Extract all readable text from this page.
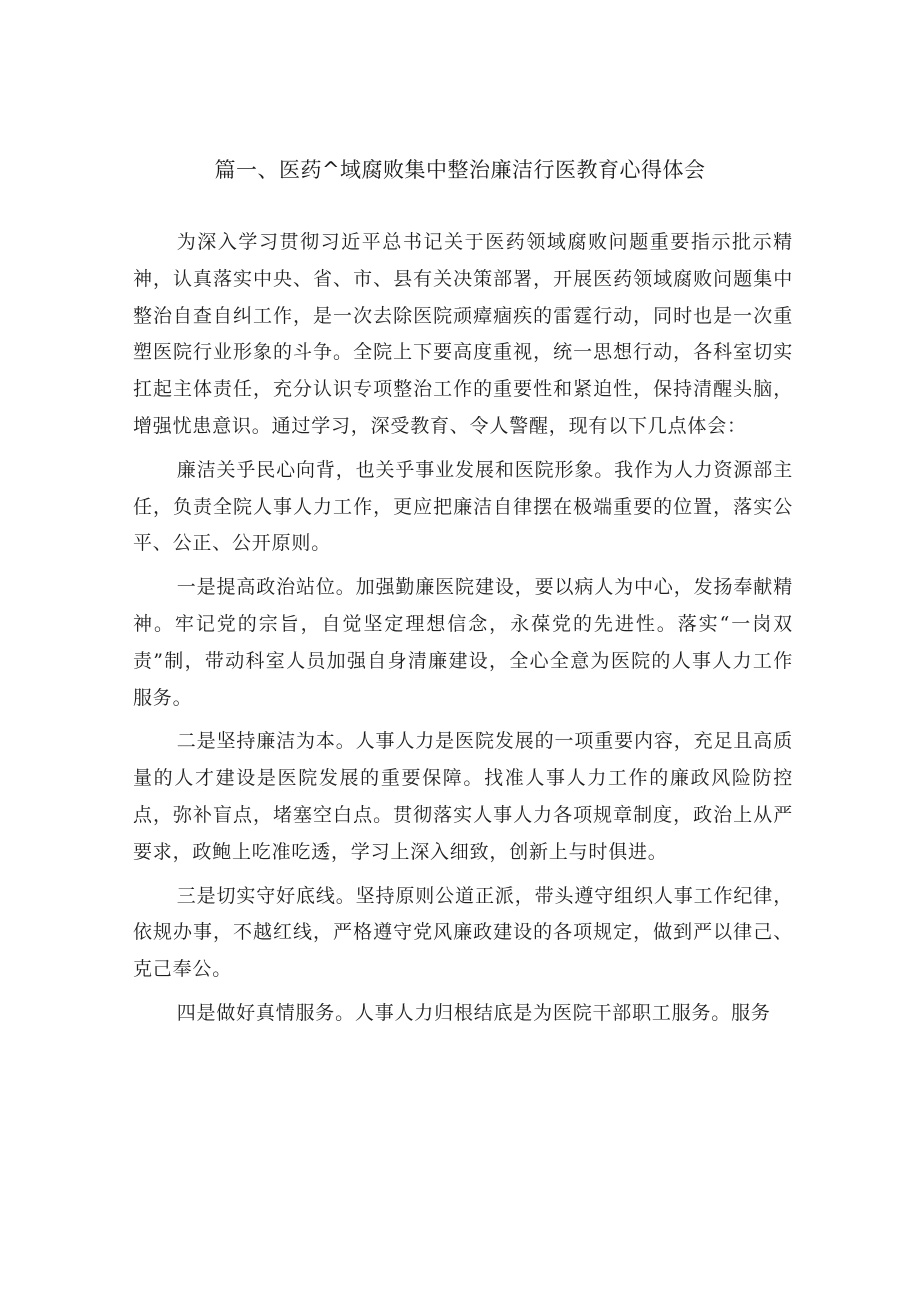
篇一、医药^域腐败集中整治廉洁行医教育心得体会

为深入学习贯彻习近平总书记关于医药领域腐败问题重要指示批示精神，认真落实中央、省、市、县有关决策部署，开展医药领域腐败问题集中整治自查自纠工作，是一次去除医院顽瘴痼疾的雷霆行动，同时也是一次重塑医院行业形象的斗争。全院上下要高度重视，统一思想行动，各科室切实扛起主体责任，充分认识专项整治工作的重要性和紧迫性，保持清醒头脑，增强忧患意识。通过学习，深受教育、令人警醒，现有以下几点体会：

廉洁关乎民心向背，也关乎事业发展和医院形象。我作为人力资源部主任，负责全院人事人力工作，更应把廉洁自律摆在极端重要的位置，落实公平、公正、公开原则。

一是提高政治站位。加强勤廉医院建设，要以病人为中心，发扬奉献精神。牢记党的宗旨，自觉坚定理想信念，永葆党的先进性。落实“一岗双责”制，带动科室人员加强自身清廉建设，全心全意为医院的人事人力工作服务。

二是坚持廉洁为本。人事人力是医院发展的一项重要内容，充足且高质量的人才建设是医院发展的重要保障。找准人事人力工作的廉政风险防控点，弥补盲点，堵塞空白点。贯彻落实人事人力各项规章制度，政治上从严要求，政鲍上吃准吃透，学习上深入细致，创新上与时俱进。

三是切实守好底线。坚持原则公道正派，带头遵守组织人事工作纪律，依规办事，不越红线，严格遵守党风廉政建设的各项规定，做到严以律己、克己奉公。

四是做好真情服务。人事人力归根结底是为医院干部职工服务。服务
